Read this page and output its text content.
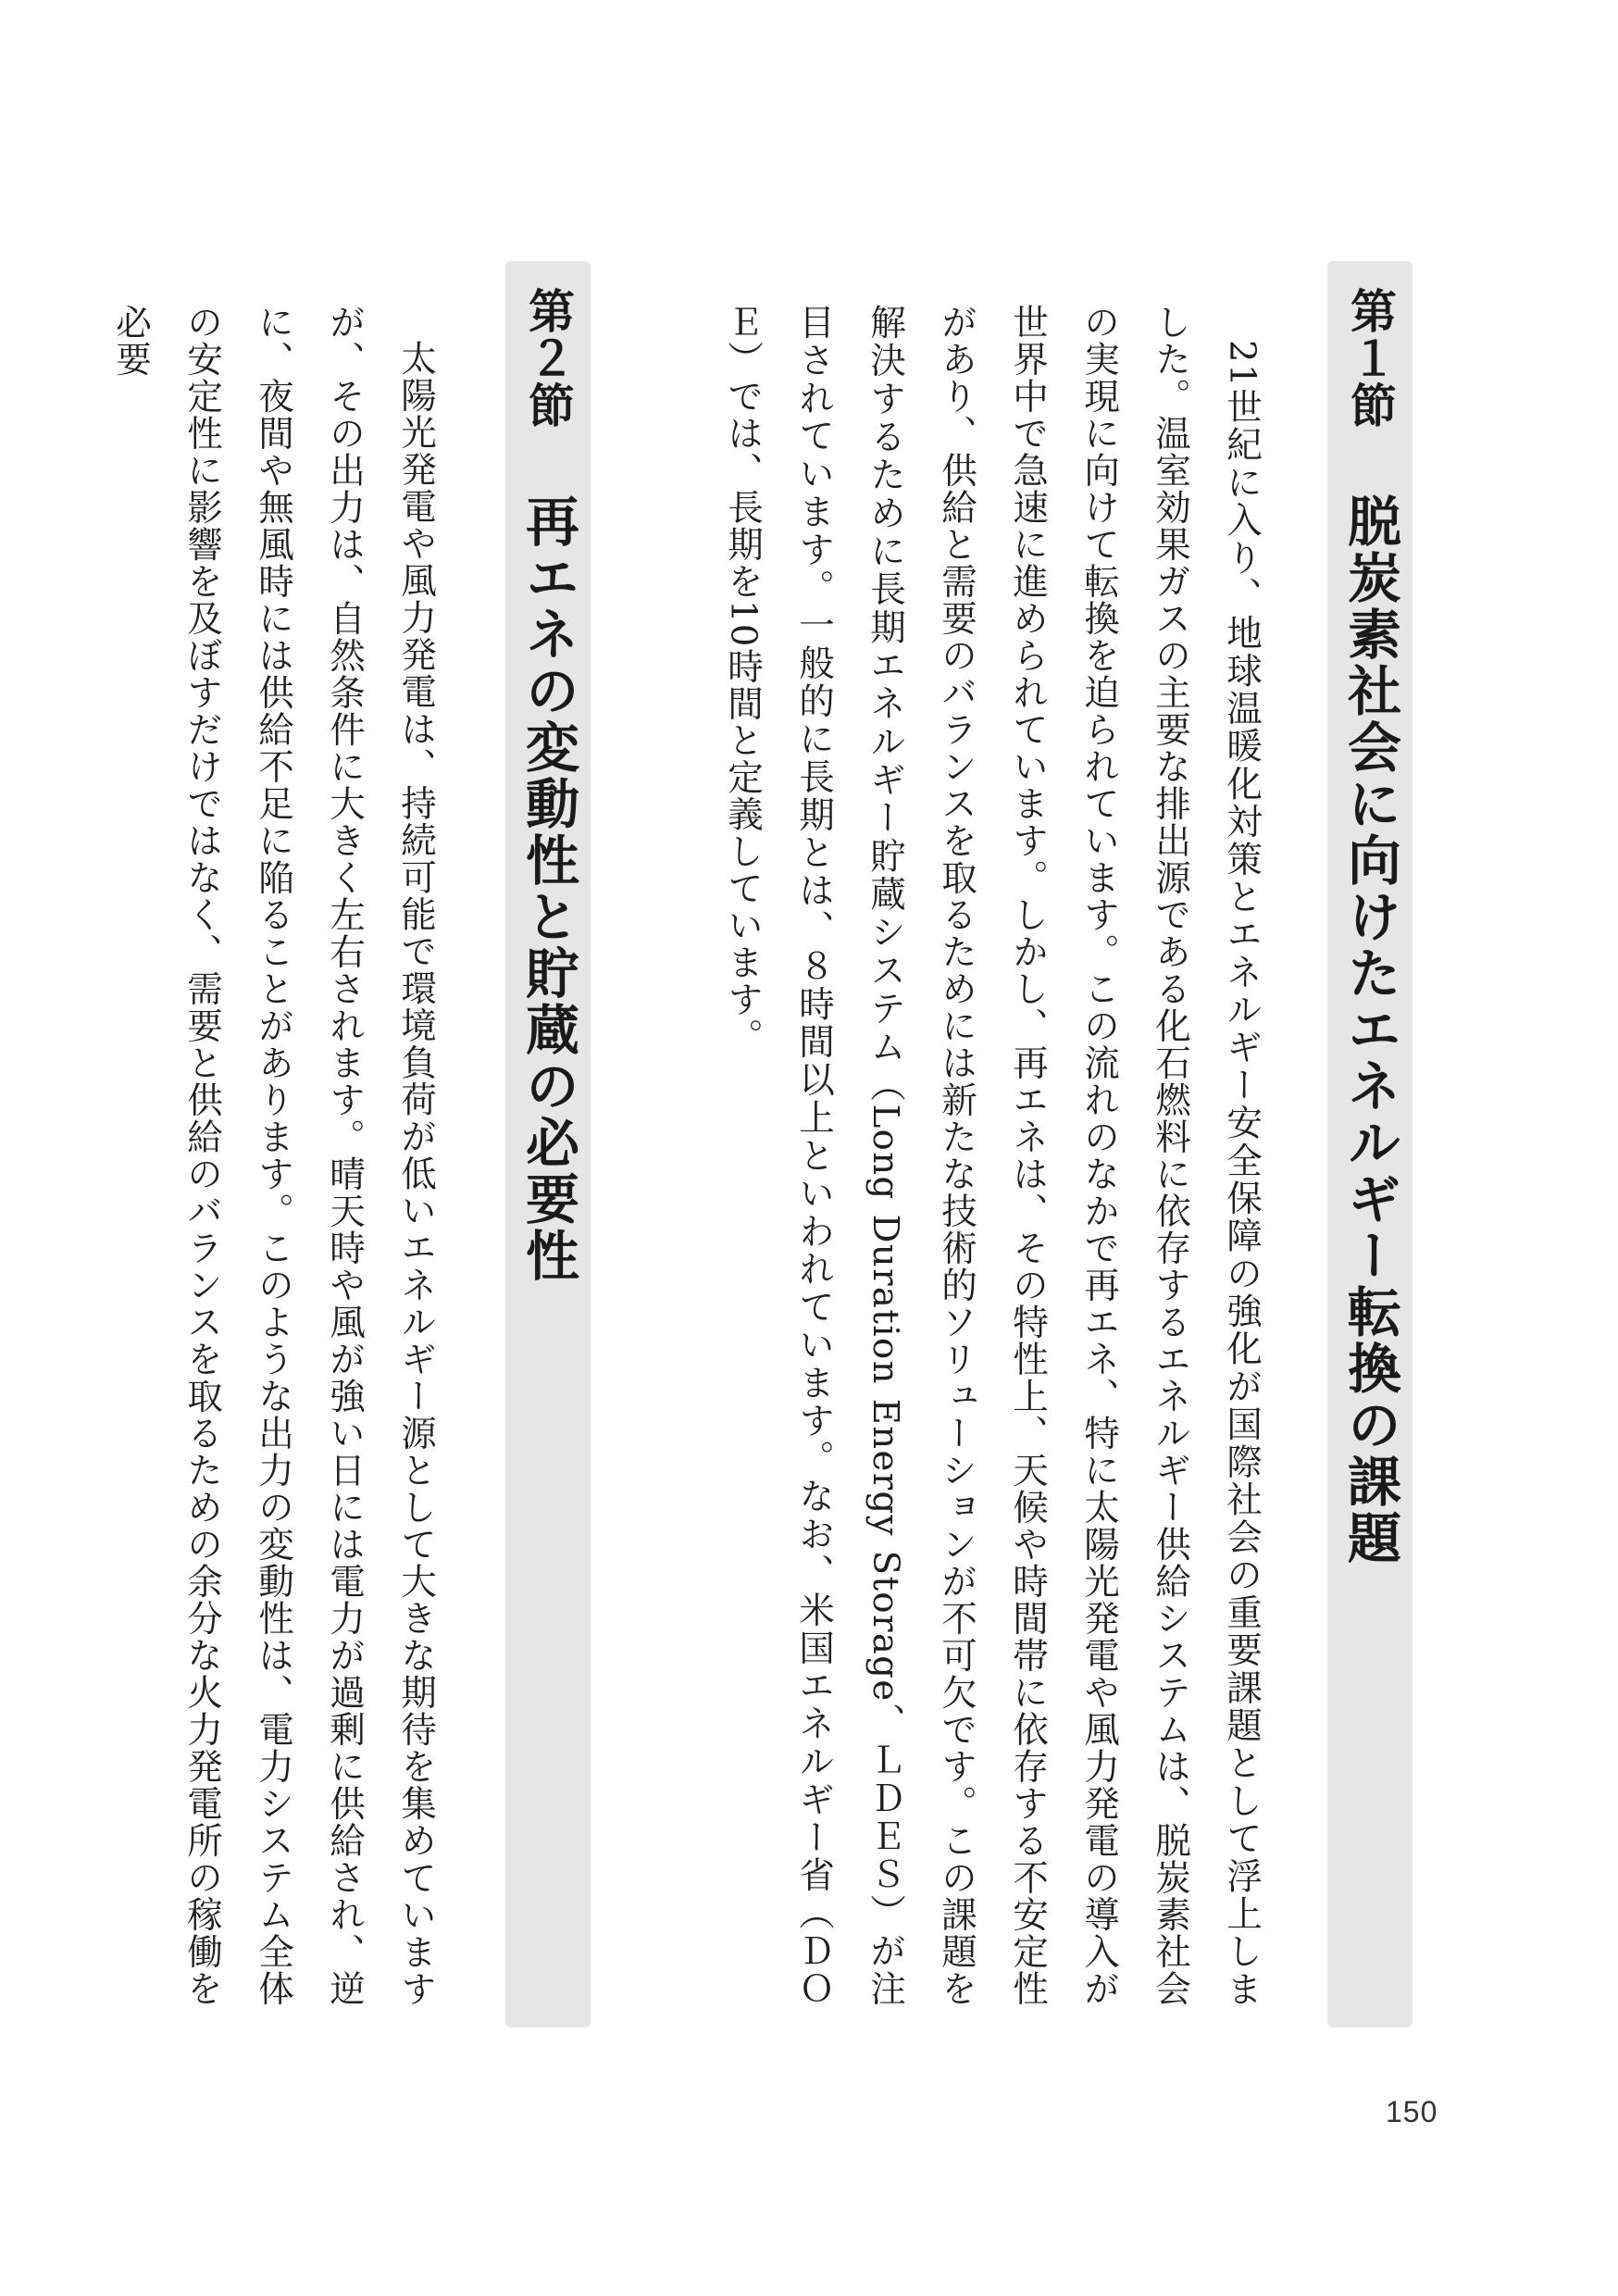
第１節
脱炭素社会に向けたエネルギー転換の課題

21世紀に入り、地球温暖化対策とエネルギー安全保障の強化が国際社会の重要課題として浮上しました。温室効果ガスの主要な排出源である化石燃料に依存するエネルギー供給システムは、脱炭素社会の実現に向けて転換を迫られています。この流れのなかで再エネ、特に太陽光発電や風力発電の導入が世界中で急速に進められています。しかし、再エネは、その特性上、天候や時間帯に依存する不安定性があり、供給と需要のバランスを取るためには新たな技術的ソリューションが不可欠です。この課題を解決するために長期エネルギー貯蔵システム（Long Duration Energy Storage、ＬＤＥＳ）が注目されています。一般的に長期とは、８時間以上といわれています。なお、米国エネルギー省（ＤＯＥ）では、長期を10時間と定義しています。

第２節
再エネの変動性と貯蔵の必要性

太陽光発電や風力発電は、持続可能で環境負荷が低いエネルギー源として大きな期待を集めていますが、その出力は、自然条件に大きく左右されます。晴天時や風が強い日には電力が過剰に供給され、逆に、夜間や無風時には供給不足に陥ることがあります。このような出力の変動性は、電力システム全体の安定性に影響を及ぼすだけではなく、需要と供給のバランスを取るための余分な火力発電所の稼働を必要

150
